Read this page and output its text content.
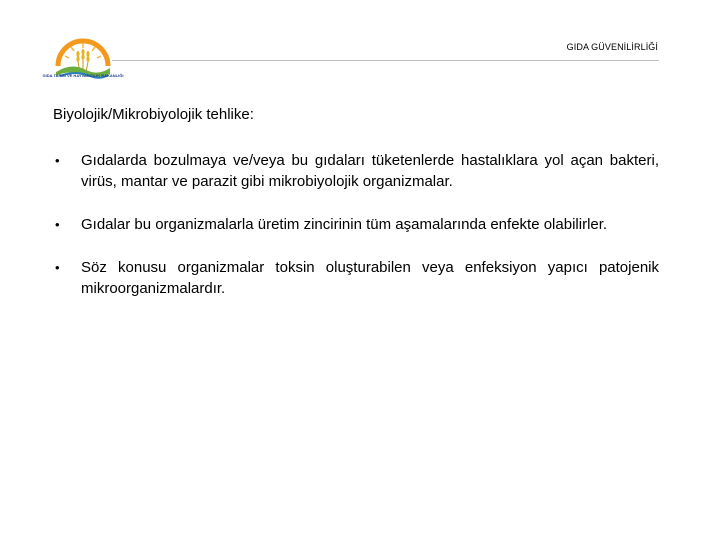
GIDA TARIM VE HAYVANCILIK BAKANLIĞI
GIDA GÜVENİLİRLİĞİ
Biyolojik/Mikrobiyolojik tehlike:
• Gıdalarda bozulmaya ve/veya bu gıdaları tüketenlerde hastalıklara yol açan bakteri, virüs, mantar ve parazit gibi mikrobiyolojik organizmalar.
• Gıdalar bu organizmalarla üretim zincirinin tüm aşamalarında enfekte olabilirler.
• Söz konusu organizmalar toksin oluşturabilen veya enfeksiyon yapıcı patojenik mikroorganizmalardır.
